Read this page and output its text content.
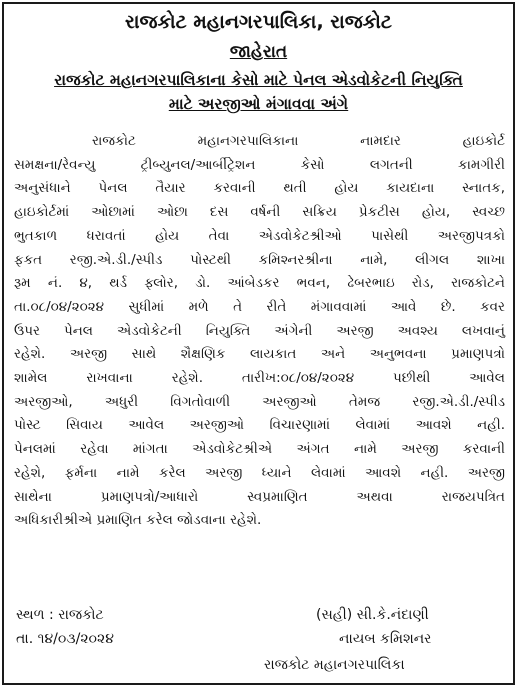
રાજકોટ મહાનગરપાલિકા, રાજકોટ
જાહેરાત
રાજકોટ મહાનગરપાલિકાના કેસો માટે પેનલ એડવોકેટની નિયુક્તિ
માટે અરજીઓ મંગાવવા અંગે
રાજકોટ મહાનગરપાલિકાના નામદાર હાઇકોર્ટ
સમક્ષના/રેવન્યુ ટ્રીબ્યુનલ/આર્બીટ્રેશન કેસો લગતની કામગીરી
અનુસંધાને પેનલ તૈયાર કરવાની થતી હોય કાયદાના સ્નાતક,
હાઇકોર્ટમાં ઓછામાં ઓછા દસ વર્ષની સક્રિય પ્રેકટીસ હોય, સ્વચ્છ
ભુતકાળ ધરાવતાં હોય તેવા એડવોકેટશ્રીઓ પાસેથી અરજીપત્રકો
ફકત રજી.એ.ડી./સ્પીડ પોસ્ટથી કમિશ્નરશ્રીના નામે, લીગલ શાખા
રૂમ નં. ૪, થર્ડ ફ્લોર, ડો. આંબેડકર ભવન, ઢેબરભાઇ રોડ, રાજકોટને
તા.૦૮/૦૪/૨૦૨૪ સુધીમાં મળે તે રીતે મંગાવવામાં આવે છે. કવર
ઉપર પેનલ એડવોકેટની નિયુક્તિ અંગેની અરજી અવશ્ય લખવાનું
રહેશે. અરજી સાથે શૈક્ષણિક લાયકાત અને અનુભવના પ્રમાણપત્રો
શામેલ રાખવાના રહેશે. તારીખ:૦૮/૦૪/૨૦૨૪ પછીથી આવેલ
અરજીઓ, અધુરી વિગતોવાળી અરજીઓ તેમજ રજી.એ.ડી./સ્પીડ
પોસ્ટ સિવાય આવેલ અરજીઓ વિચારણામાં લેવામાં આવશે નહી.
પેનલમાં રહેવા માંગતા એડવોકેટશ્રીએ અંગત નામે અરજી કરવાની
રહેશે, ફર્મના નામે કરેલ અરજી ધ્યાને લેવામાં આવશે નહી. અરજી
સાથેના પ્રમાણપત્રો/આધારો સ્વપ્રમાણિત અથવા રાજયપત્રિત
અધિકારીશ્રીએ પ્રમાણિત કરેલ જોડવાના રહેશે.
સ્થળ : રાજકોટ	(સહી) સી.કે.નંદાણી
તા. ૧૪/૦૩/૨૦૨૪	નાયબ કમિશનર
રાજકોટ મહાનગરપાલિકા
